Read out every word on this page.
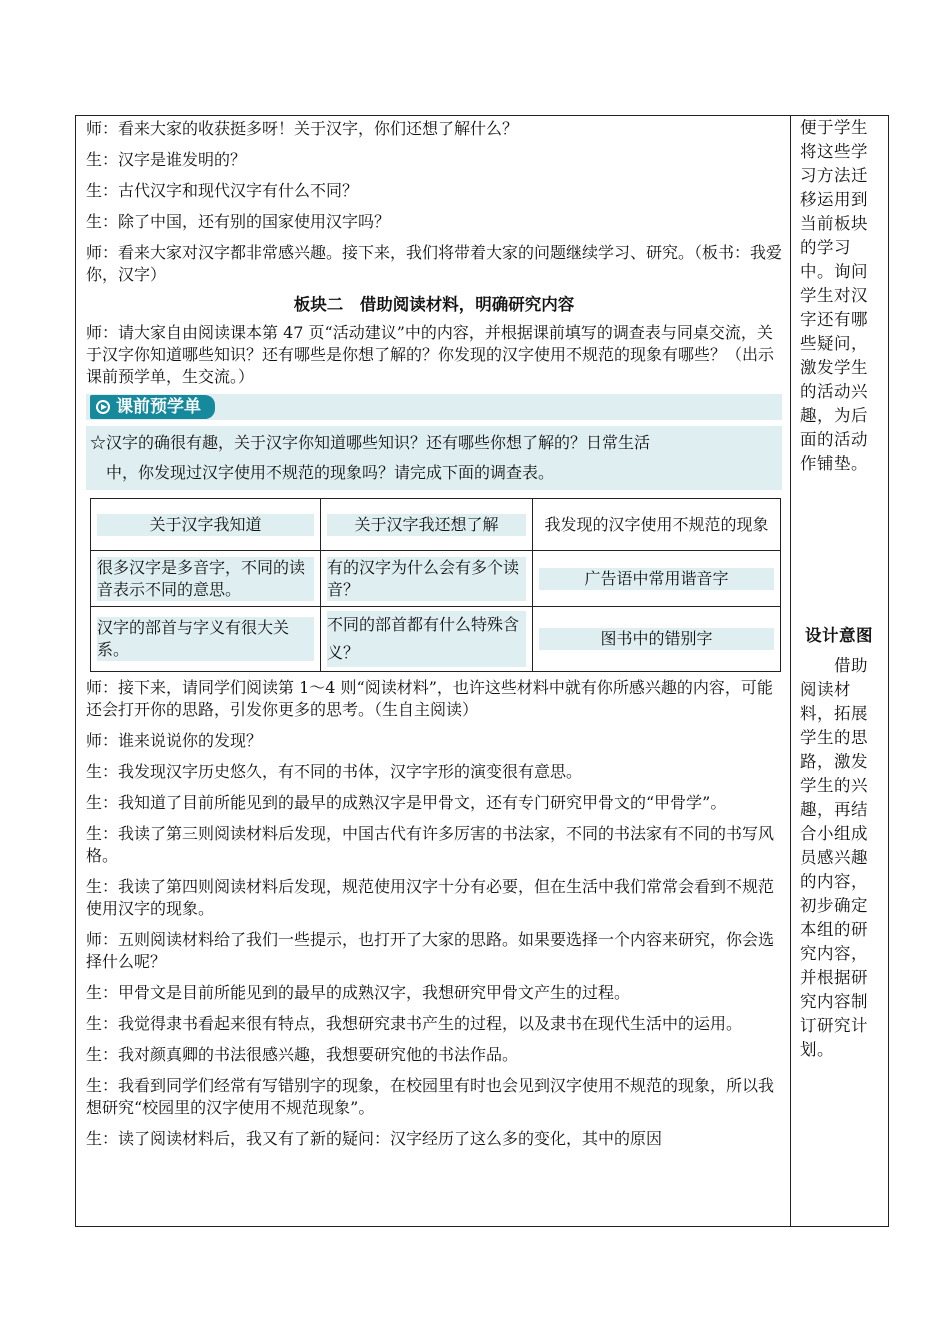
师：看来大家的收获挺多呀！关于汉字，你们还想了解什么？

生：汉字是谁发明的？

生：古代汉字和现代汉字有什么不同？

生：除了中国，还有别的国家使用汉字吗？

师：看来大家对汉字都非常感兴趣。接下来，我们将带着大家的问题继续学习、研究。（板书：我爱你，汉字）

板块二　借助阅读材料，明确研究内容

师：请大家自由阅读课本第 47 页“活动建议”中的内容，并根据课前填写的调查表与同桌交流，关于汉字你知道哪些知识？还有哪些是你想了解的？你发现的汉字使用不规范的现象有哪些？（出示课前预学单，生交流。）

课前预学单
☆汉字的确很有趣，关于汉字你知道哪些知识？还有哪些你想了解的？日常生活
中，你发现过汉字使用不规范的现象吗？请完成下面的调查表。
关于汉字我知道	关于汉字我还想了解	我发现的汉字使用不规范的现象

很多汉字是多音字，不同的读音表示不同的意思。	有的汉字为什么会有多个读音？	广告语中常用谐音字

汉字的部首与字义有很大关系。	不同的部首都有什么特殊含义？	图书中的错别字

师：接下来，请同学们阅读第 1～4 则“阅读材料”，也许这些材料中就有你所感兴趣的内容，可能还会打开你的思路，引发你更多的思考。（生自主阅读）

师：谁来说说你的发现？

生：我发现汉字历史悠久，有不同的书体，汉字字形的演变很有意思。

生：我知道了目前所能见到的最早的成熟汉字是甲骨文，还有专门研究甲骨文的“甲骨学”。

生：我读了第三则阅读材料后发现，中国古代有许多厉害的书法家，不同的书法家有不同的书写风格。

生：我读了第四则阅读材料后发现，规范使用汉字十分有必要，但在生活中我们常常会看到不规范使用汉字的现象。

师：五则阅读材料给了我们一些提示，也打开了大家的思路。如果要选择一个内容来研究，你会选择什么呢？

生：甲骨文是目前所能见到的最早的成熟汉字，我想研究甲骨文产生的过程。

生：我觉得隶书看起来很有特点，我想研究隶书产生的过程，以及隶书在现代生活中的运用。

生：我对颜真卿的书法很感兴趣，我想要研究他的书法作品。

生：我看到同学们经常有写错别字的现象，在校园里有时也会见到汉字使用不规范的现象，所以我想研究“校园里的汉字使用不规范现象”。

生：读了阅读材料后，我又有了新的疑问：汉字经历了这么多的变化，其中的原因

便于学生将这些学习方法迁移运用到当前板块的学习中。询问学生对汉字还有哪些疑问，激发学生的活动兴趣，为后面的活动作铺垫。

设计意图

　　借助阅读材料，拓展学生的思路，激发学生的兴趣，再结合小组成员感兴趣的内容，初步确定本组的研究内容，并根据研究内容制订研究计划。
